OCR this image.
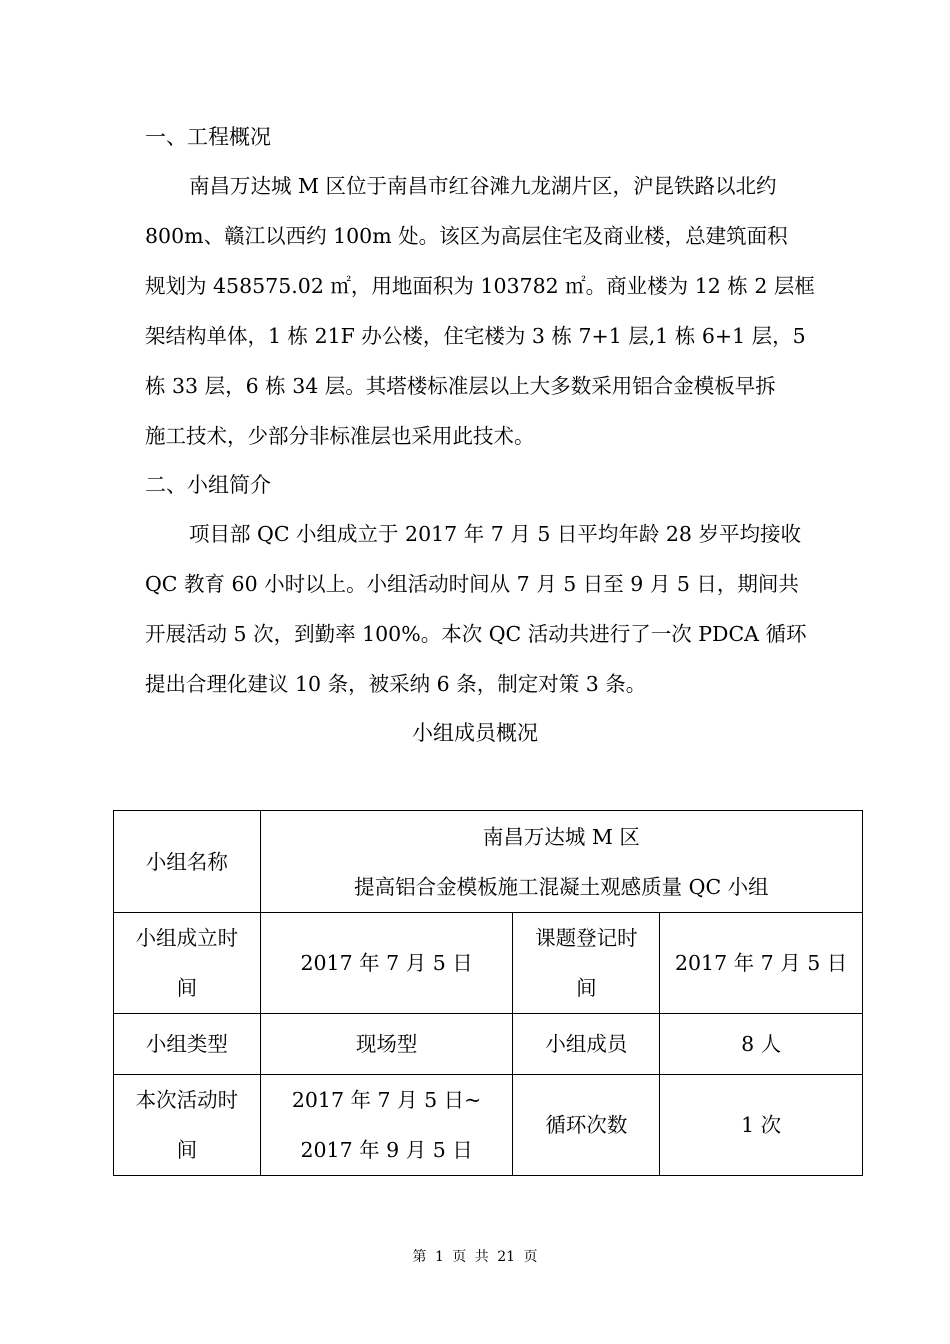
一、工程概况
南昌万达城 M 区位于南昌市红谷滩九龙湖片区，沪昆铁路以北约
800m、赣江以西约 100m 处。该区为高层住宅及商业楼，总建筑面积
规划为 458575.02 ㎡，用地面积为 103782 ㎡。商业楼为 12 栋 2 层框
架结构单体，1 栋 21F 办公楼，住宅楼为 3 栋 7+1 层,1 栋 6+1 层，5
栋 33 层，6 栋 34 层。其塔楼标准层以上大多数采用铝合金模板早拆
施工技术，少部分非标准层也采用此技术。
二、小组简介
项目部 QC 小组成立于 2017 年 7 月 5 日平均年龄 28 岁平均接收
QC 教育 60 小时以上。小组活动时间从 7 月 5 日至 9 月 5 日，期间共
开展活动 5 次，到勤率 100%。本次 QC 活动共进行了一次 PDCA 循环
提出合理化建议 10 条，被采纳 6 条，制定对策 3 条。
小组成员概况
小组名称	南昌万达城 M 区
提高铝合金模板施工混凝土观感质量 QC 小组		

小组成立时
间	2017 年 7 月 5 日	课题登记时
间	2017 年 7 月 5 日
小组类型	现场型	小组成员	8 人

本次活动时
间	2017 年 7 月 5 日~
2017 年 9 月 5 日	循环次数	1 次
第 1 页 共 21 页
